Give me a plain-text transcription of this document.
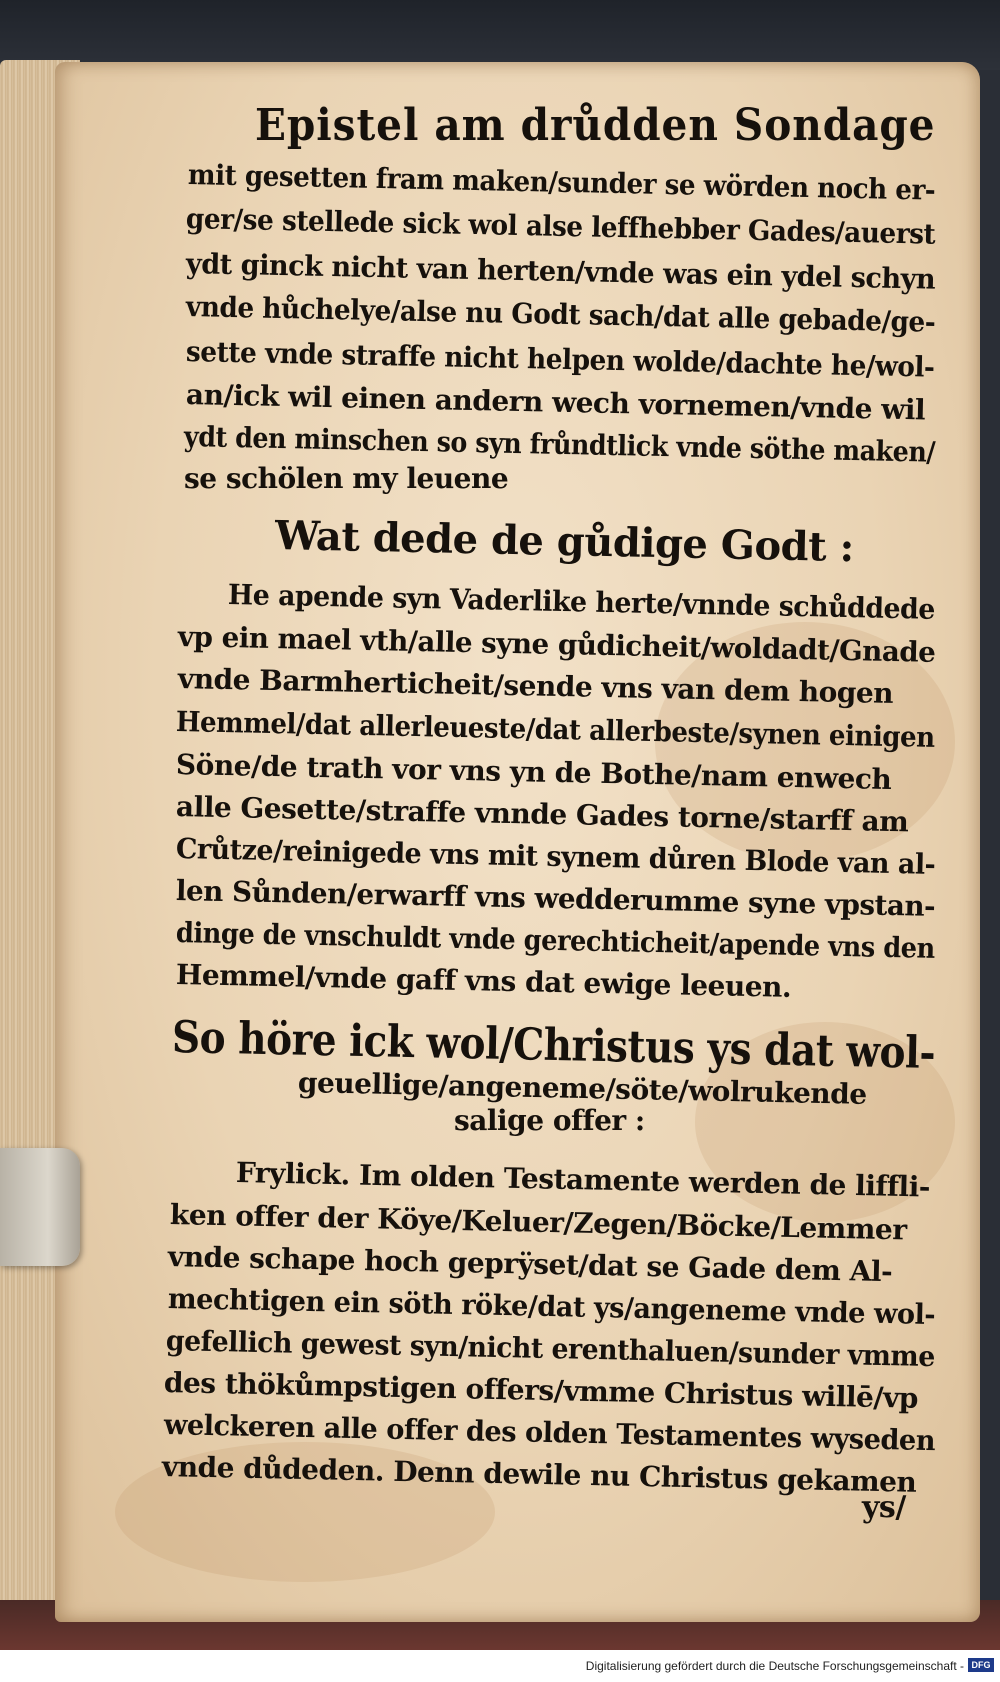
Epistel am drůdden Sondage
mit gesetten fram maken/sunder se wörden noch er-
ger/se stellede sick wol alse leffhebber Gades/auerst
ydt ginck nicht van herten/vnde was ein ydel schyn
vnde hůchelye/alse nu Godt sach/dat alle gebade/ge-
sette vnde straffe nicht helpen wolde/dachte he/wol-
an/ick wil einen andern wech vornemen/vnde wil
ydt den minschen so syn frůndtlick vnde söthe maken/
se schölen my leuene
Wat dede de gůdige Godt :
He apende syn Vaderlike herte/vnnde schůddede
vp ein mael vth/alle syne gůdicheit/woldadt/Gnade
vnde Barmhertichеit/sende vns van dem hogen
Hemmel/dat allerleueste/dat allerbeste/synen einigen
Söne/de trath vor vns yn de Bothe/nam enwech
alle Gesette/straffe vnnde Gades torne/starff am
Crůtze/reinigede vns mit synem důren Blode van al-
len Sůnden/erwarff vns wedderumme syne vpstan-
dinge de vnschuldt vnde gerechticheit/apende vns den
Hemmel/vnde gaff vns dat ewige leeuen.
So höre ick wol/Christus ys dat wol-
geuellige/angeneme/söte/wolrukende
salige offer :
Frylick. Im olden Testamente werden de liffli-
ken offer der Köye/Keluer/Zegen/Böcke/Lemmer
vnde schape hoch geprÿset/dat se Gade dem Al-
mechtigen ein söth röke/dat ys/angeneme vnde wol-
gefellich gewest syn/nicht erenthaluen/sunder vmme
des thökůmpstigen offers/vmme Christus willē/vp
welckeren alle offer des olden Testamentes wyseden
vnde důdeden. Denn dewile nu Christus gekamen
ys/
Digitalisierung gefördert durch die Deutsche Forschungsgemeinschaft - DFG
